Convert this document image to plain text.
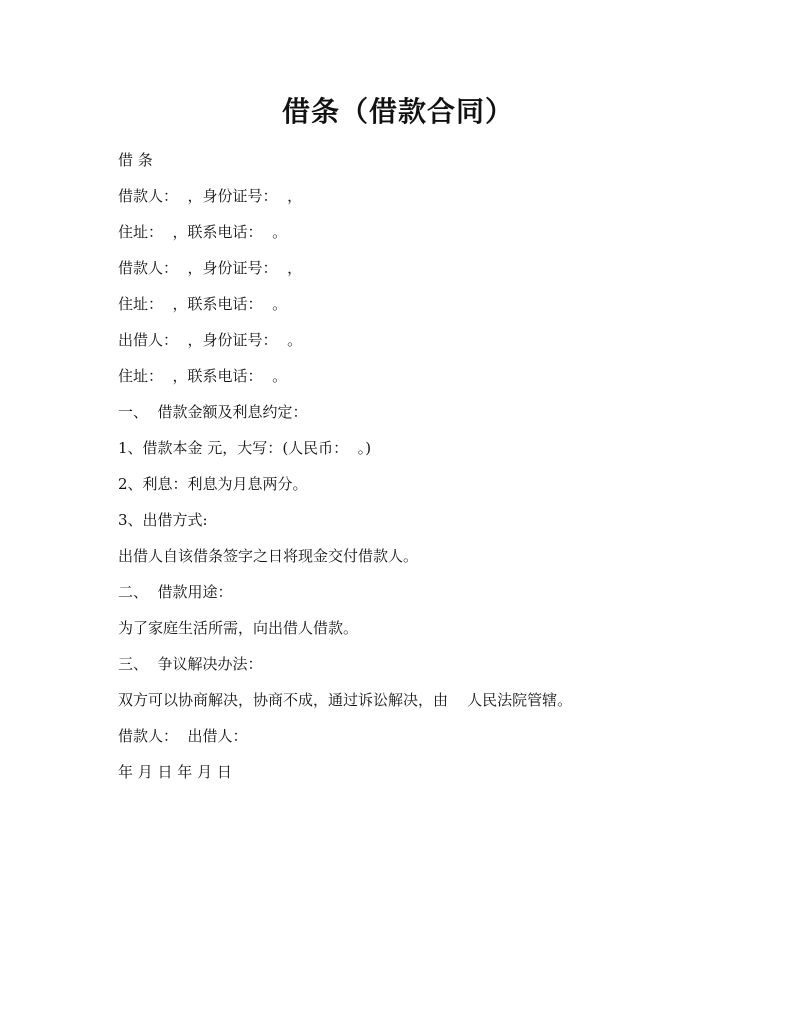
借条（借款合同）
借 条
借款人：  ，身份证号：  ，
住址：  ，联系电话：  。
借款人：  ，身份证号：  ，
住址：  ，联系电话：  。
出借人：  ，身份证号：  。
住址：  ，联系电话：  。
一、  借款金额及利息约定：
1、借款本金 元，大写：(人民币：  。)
2、利息：利息为月息两分。
3、出借方式:
出借人自该借条签字之日将现金交付借款人。
二、  借款用途：
为了家庭生活所需，向出借人借款。
三、  争议解决办法：
双方可以协商解决，协商不成，通过诉讼解决，由    人民法院管辖。
借款人：  出借人：
年 月 日 年 月 日
